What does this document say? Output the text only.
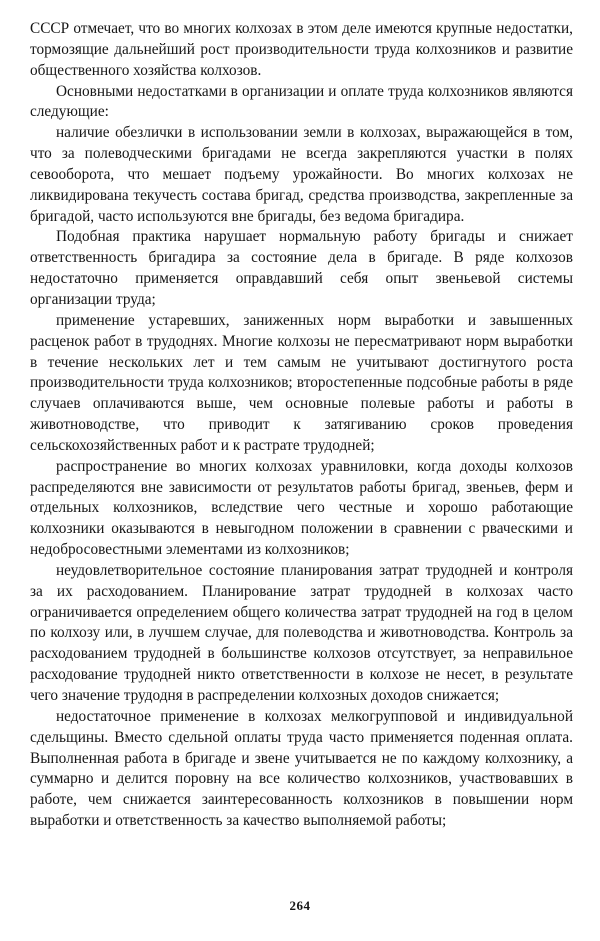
СССР отмечает, что во многих колхозах в этом деле имеются крупные недостатки, тормозящие дальнейший рост производительности труда колхозников и развитие общественного хозяйства колхозов.

Основными недостатками в организации и оплате труда колхозников являются следующие:

наличие обезлички в использовании земли в колхозах, выражающейся в том, что за полеводческими бригадами не всегда закрепляются участки в полях севооборота, что мешает подъему урожайности. Во многих колхозах не ликвидирована текучесть состава бригад, средства производства, закрепленные за бригадой, часто используются вне бригады, без ведома бригадира.

Подобная практика нарушает нормальную работу бригады и снижает ответственность бригадира за состояние дела в бригаде. В ряде колхозов недостаточно применяется оправдавший себя опыт звеньевой системы организации труда;

применение устаревших, заниженных норм выработки и завышенных расценок работ в трудоднях. Многие колхозы не пересматривают норм выработки в течение нескольких лет и тем самым не учитывают достигнутого роста производительности труда колхозников; второстепенные подсобные работы в ряде случаев оплачиваются выше, чем основные полевые работы и работы в животноводстве, что приводит к затягиванию сроков проведения сельскохозяйственных работ и к растрате трудодней;

распространение во многих колхозах уравниловки, когда доходы колхозов распределяются вне зависимости от результатов работы бригад, звеньев, ферм и отдельных колхозников, вследствие чего честные и хорошо работающие колхозники оказываются в невыгодном положении в сравнении с рваческими и недобросовестными элементами из колхозников;

неудовлетворительное состояние планирования затрат трудодней и контроля за их расходованием. Планирование затрат трудодней в колхозах часто ограничивается определением общего количества затрат трудодней на год в целом по колхозу или, в лучшем случае, для полеводства и животноводства. Контроль за расходованием трудодней в большинстве колхозов отсутствует, за неправильное расходование трудодней никто ответственности в колхозе не несет, в результате чего значение трудодня в распределении колхозных доходов снижается;

недостаточное применение в колхозах мелкогрупповой и индивидуальной сдельщины. Вместо сдельной оплаты труда часто применяется поденная оплата. Выполненная работа в бригаде и звене учитывается не по каждому колхознику, а суммарно и делится поровну на все количество колхозников, участвовавших в работе, чем снижается заинтересованность колхозников в повышении норм выработки и ответственность за качество выполняемой работы;

264
